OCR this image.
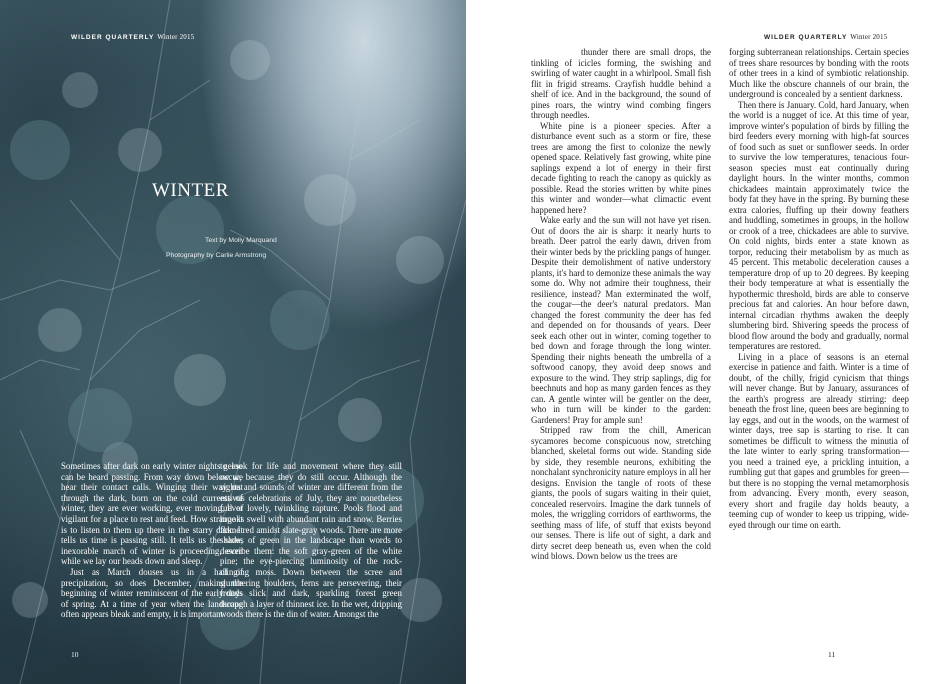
WILDER QUARTERLY Winter 2015
WINTER
Text by Molly Marquand
Photography by Carlie Armstrong

Sometimes after dark on early winter nights geese can be heard passing. From way down below we hear their contact calls. Winging their way out through the dark, born on the cold currents of winter, they are ever working, ever moving, ever vigilant for a place to rest and feed. How strange it is to listen to them up there in the starry dark. It tells us time is passing still. It tells us the slow, inexorable march of winter is proceeding, even while we lay our heads down and sleep.

Just as March douses us in a hail of precipitation, so does December, making the beginning of winter reminiscent of the early days of spring. At a time of year when the landscape often appears bleak and empty, it is important

to look for life and movement where they still occur, because they do still occur. Although the sights and sounds of winter are different from the estivus celebrations of July, they are nonetheless full of lovely, twinkling rapture. Pools flood and brooks swell with abundant rain and snow. Berries flame red amidst slate-gray woods. There are more shades of green in the landscape than words to describe them: the soft gray-green of the white pine; the eye-piercing luminosity of the rock-clinging moss. Down between the scree and slumbering boulders, ferns are persevering, their fronds slick and dark, sparkling forest green through a layer of thinnest ice. In the wet, dripping woods there is the din of water. Amongst the

10
WILDER QUARTERLY Winter 2015

thunder there are small drops, the tinkling of icicles forming, the swishing and swirling of water caught in a whirlpool. Small fish flit in frigid streams. Crayfish huddle behind a shelf of ice. And in the background, the sound of pines roars, the wintry wind combing fingers through needles.

White pine is a pioneer species. After a disturbance event such as a storm or fire, these trees are among the first to colonize the newly opened space. Relatively fast growing, white pine saplings expend a lot of energy in their first decade fighting to reach the canopy as quickly as possible. Read the stories written by white pines this winter and wonder—what climactic event happened here?

Wake early and the sun will not have yet risen. Out of doors the air is sharp: it nearly hurts to breath. Deer patrol the early dawn, driven from their winter beds by the prickling pangs of hunger. Despite their demolishment of native understory plants, it's hard to demonize these animals the way some do. Why not admire their toughness, their resilience, instead? Man exterminated the wolf, the cougar—the deer's natural predators. Man changed the forest community the deer has fed and depended on for thousands of years. Deer seek each other out in winter, coming together to bed down and forage through the long winter. Spending their nights beneath the umbrella of a softwood canopy, they avoid deep snows and exposure to the wind. They strip saplings, dig for beechnuts and hop as many garden fences as they can. A gentle winter will be gentler on the deer, who in turn will be kinder to the garden: Gardeners! Pray for ample sun!

Stripped raw from the chill, American sycamores become conspicuous now, stretching blanched, skeletal forms out wide. Standing side by side, they resemble neurons, exhibiting the nonchalant synchronicity nature employs in all her designs. Envision the tangle of roots of these giants, the pools of sugars waiting in their quiet, concealed reservoirs. Imagine the dark tunnels of moles, the wriggling corridors of earthworms, the seething mass of life, of stuff that exists beyond our senses. There is life out of sight, a dark and dirty secret deep beneath us, even when the cold wind blows. Down below us the trees are

forging subterranean relationships. Certain species of trees share resources by bonding with the roots of other trees in a kind of symbiotic relationship. Much like the obscure channels of our brain, the underground is concealed by a sentient darkness.

Then there is January. Cold, hard January, when the world is a nugget of ice. At this time of year, improve winter's population of birds by filling the bird feeders every morning with high-fat sources of food such as suet or sunflower seeds. In order to survive the low temperatures, tenacious four-season species must eat continually during daylight hours. In the winter months, common chickadees maintain approximately twice the body fat they have in the spring. By burning these extra calories, fluffing up their downy feathers and huddling, sometimes in groups, in the hollow or crook of a tree, chickadees are able to survive. On cold nights, birds enter a state known as torpor, reducing their metabolism by as much as 45 percent. This metabolic deceleration causes a temperature drop of up to 20 degrees. By keeping their body temperature at what is essentially the hypothermic threshold, birds are able to conserve precious fat and calories. An hour before dawn, internal circadian rhythms awaken the deeply slumbering bird. Shivering speeds the process of blood flow around the body and gradually, normal temperatures are restored.

Living in a place of seasons is an eternal exercise in patience and faith. Winter is a time of doubt, of the chilly, frigid cynicism that things will never change. But by January, assurances of the earth's progress are already stirring: deep beneath the frost line, queen bees are beginning to lay eggs, and out in the woods, on the warmest of winter days, tree sap is starting to rise. It can sometimes be difficult to witness the minutia of the late winter to early spring transformation—you need a trained eye, a prickling intuition, a rumbling gut that gapes and grumbles for green—but there is no stopping the vernal metamorphosis from advancing. Every month, every season, every short and fragile day holds beauty, a teeming cup of wonder to keep us tripping, wide-eyed through our time on earth.

11
